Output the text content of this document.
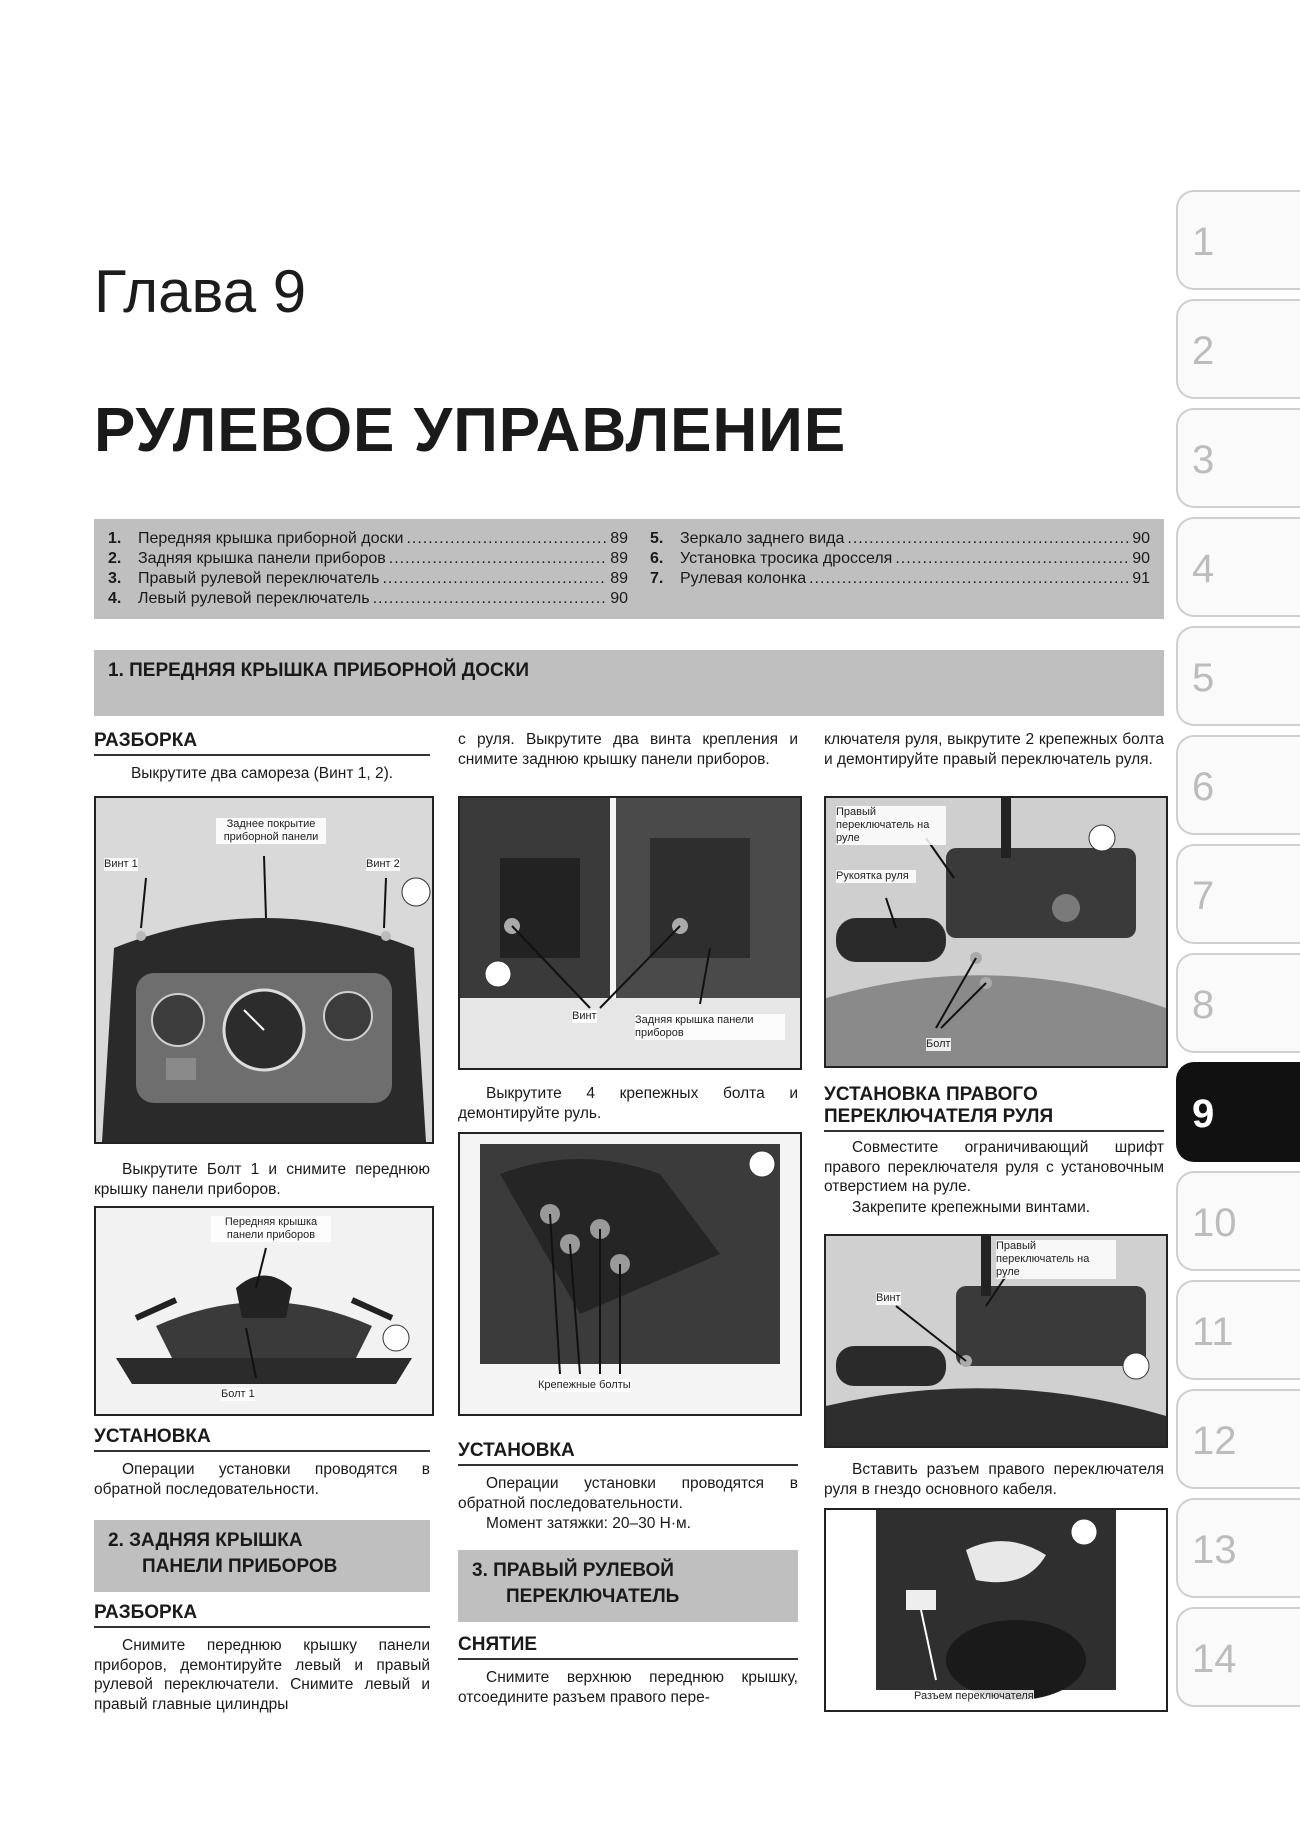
Глава 9
РУЛЕВОЕ УПРАВЛЕНИЕ
1.	Передняя крышка приборной доски .....	89
2.	Задняя крышка панели приборов .....	89
3.	Правый рулевой переключатель .....	89
4.	Левый рулевой переключатель .....	90
5.	Зеркало заднего вида .....	90
6.	Установка тросика дросселя .....	90
7.	Рулевая колонка .....	91
1. ПЕРЕДНЯЯ КРЫШКА ПРИБОРНОЙ ДОСКИ
РАЗБОРКА
Выкрутите два самореза (Винт 1, 2).
Заднее покрытие приборной панели
Винт 1	Винт 2
Выкрутите Болт 1 и снимите переднюю крышку панели приборов.
Передняя крышка панели приборов
Болт 1
УСТАНОВКА
Операции установки проводятся в обратной последовательности.
2. ЗАДНЯЯ КРЫШКА
ПАНЕЛИ ПРИБОРОВ
РАЗБОРКА
Снимите переднюю крышку панели приборов, демонтируйте левый и правый рулевой переключатели. Снимите левый и правый главные цилиндры
с руля. Выкрутите два винта крепления и снимите заднюю крышку панели приборов.
Винт	Задняя крышка панели приборов
Выкрутите 4 крепежных болта и демонтируйте руль.
Крепежные болты
УСТАНОВКА
Операции установки проводятся в обратной последовательности.
Момент затяжки: 20–30 Н·м.
3. ПРАВЫЙ РУЛЕВОЙ
ПЕРЕКЛЮЧАТЕЛЬ
СНЯТИЕ
Снимите верхнюю переднюю крышку, отсоедините разъем правого пере-
ключателя руля, выкрутите 2 крепежных болта и демонтируйте правый переключатель руля.
Правый переключатель на руле
Рукоятка руля
Болт
УСТАНОВКА ПРАВОГО ПЕРЕКЛЮЧАТЕЛЯ РУЛЯ
Совместите ограничивающий шрифт правого переключателя руля с установочным отверстием на руле.
Закрепите крепежными винтами.
Правый переключатель на руле
Винт
Вставить разъем правого переключателя руля в гнездо основного кабеля.
Разъем переключателя
1
2
3
4
5
6
7
8
9
10
11
12
13
14
